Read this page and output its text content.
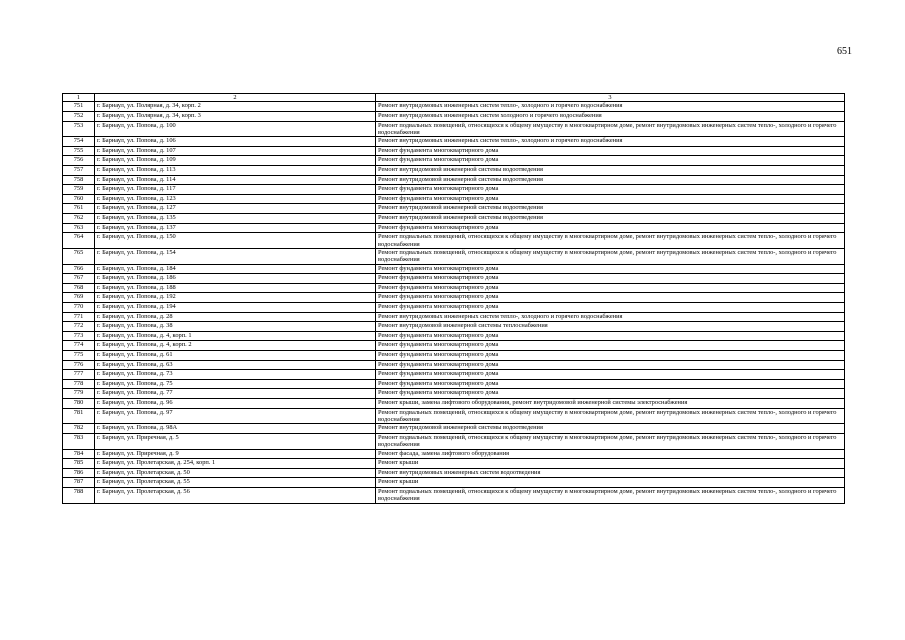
651
1	2	3
751	г. Барнаул, ул. Полярная, д. 34, корп. 2	Ремонт внутридомовых инженерных систем тепло-, холодного и горячего водоснабжения
752	г. Барнаул, ул. Полярная, д. 34, корп. 3	Ремонт внутридомовых инженерных систем холодного и горячего водоснабжения
753	г. Барнаул, ул. Попова, д. 100	Ремонт подвальных помещений, относящихся к общему имуществу в многоквартирном доме, ремонт внутридомовых инженерных систем тепло-, холодного и горячего водоснабжения
754	г. Барнаул, ул. Попова, д. 106	Ремонт внутридомовых инженерных систем тепло-, холодного и горячего водоснабжения
755	г. Барнаул, ул. Попова, д. 107	Ремонт фундамента многоквартирного дома
756	г. Барнаул, ул. Попова, д. 109	Ремонт фундамента многоквартирного дома
757	г. Барнаул, ул. Попова, д. 113	Ремонт внутридомовой инженерной системы водоотведения
758	г. Барнаул, ул. Попова, д. 114	Ремонт внутридомовой инженерной системы водоотведения
759	г. Барнаул, ул. Попова, д. 117	Ремонт фундамента многоквартирного дома
760	г. Барнаул, ул. Попова, д. 123	Ремонт фундамента многоквартирного дома
761	г. Барнаул, ул. Попова, д. 127	Ремонт внутридомовой инженерной системы водоотведения
762	г. Барнаул, ул. Попова, д. 135	Ремонт внутридомовой инженерной системы водоотведения
763	г. Барнаул, ул. Попова, д. 137	Ремонт фундамента многоквартирного дома
764	г. Барнаул, ул. Попова, д. 150	Ремонт подвальных помещений, относящихся к общему имуществу в многоквартирном доме, ремонт внутридомовых инженерных систем тепло-, холодного и горячего водоснабжения
765	г. Барнаул, ул. Попова, д. 154	Ремонт подвальных помещений, относящихся к общему имуществу в многоквартирном доме, ремонт внутридомовых инженерных систем тепло-, холодного и горячего водоснабжения
766	г. Барнаул, ул. Попова, д. 184	Ремонт фундамента многоквартирного дома
767	г. Барнаул, ул. Попова, д. 186	Ремонт фундамента многоквартирного дома
768	г. Барнаул, ул. Попова, д. 188	Ремонт фундамента многоквартирного дома
769	г. Барнаул, ул. Попова, д. 192	Ремонт фундамента многоквартирного дома
770	г. Барнаул, ул. Попова, д. 194	Ремонт фундамента многоквартирного дома
771	г. Барнаул, ул. Попова, д. 28	Ремонт внутридомовых инженерных систем тепло-, холодного и горячего водоснабжения
772	г. Барнаул, ул. Попова, д. 38	Ремонт внутридомовой инженерной системы теплоснабжения
773	г. Барнаул, ул. Попова, д. 4, корп. 1	Ремонт фундамента многоквартирного дома
774	г. Барнаул, ул. Попова, д. 4, корп. 2	Ремонт фундамента многоквартирного дома
775	г. Барнаул, ул. Попова, д. 61	Ремонт фундамента многоквартирного дома
776	г. Барнаул, ул. Попова, д. 63	Ремонт фундамента многоквартирного дома
777	г. Барнаул, ул. Попова, д. 73	Ремонт фундамента многоквартирного дома
778	г. Барнаул, ул. Попова, д. 75	Ремонт фундамента многоквартирного дома
779	г. Барнаул, ул. Попова, д. 77	Ремонт фундамента многоквартирного дома
780	г. Барнаул, ул. Попова, д. 96	Ремонт крыши, замена лифтового оборудования, ремонт внутридомовой инженерной системы электроснабжения
781	г. Барнаул, ул. Попова, д. 97	Ремонт подвальных помещений, относящихся к общему имуществу в многоквартирном доме, ремонт внутридомовых инженерных систем тепло-, холодного и горячего водоснабжения
782	г. Барнаул, ул. Попова, д. 98А	Ремонт внутридомовой инженерной системы водоотведения
783	г. Барнаул, ул. Приречная, д. 5	Ремонт подвальных помещений, относящихся к общему имуществу в многоквартирном доме, ремонт внутридомовых инженерных систем тепло-, холодного и горячего водоснабжения
784	г. Барнаул, ул. Приречная, д. 9	Ремонт фасада, замена лифтового оборудования
785	г. Барнаул, ул. Пролетарская, д. 254, корп. 1	Ремонт крыши
786	г. Барнаул, ул. Пролетарская, д. 50	Ремонт внутридомовых инженерных систем водоотведения
787	г. Барнаул, ул. Пролетарская, д. 55	Ремонт крыши
788	г. Барнаул, ул. Пролетарская, д. 56	Ремонт подвальных помещений, относящихся к общему имуществу в многоквартирном доме, ремонт внутридомовых инженерных систем тепло-, холодного и горячего водоснабжения
